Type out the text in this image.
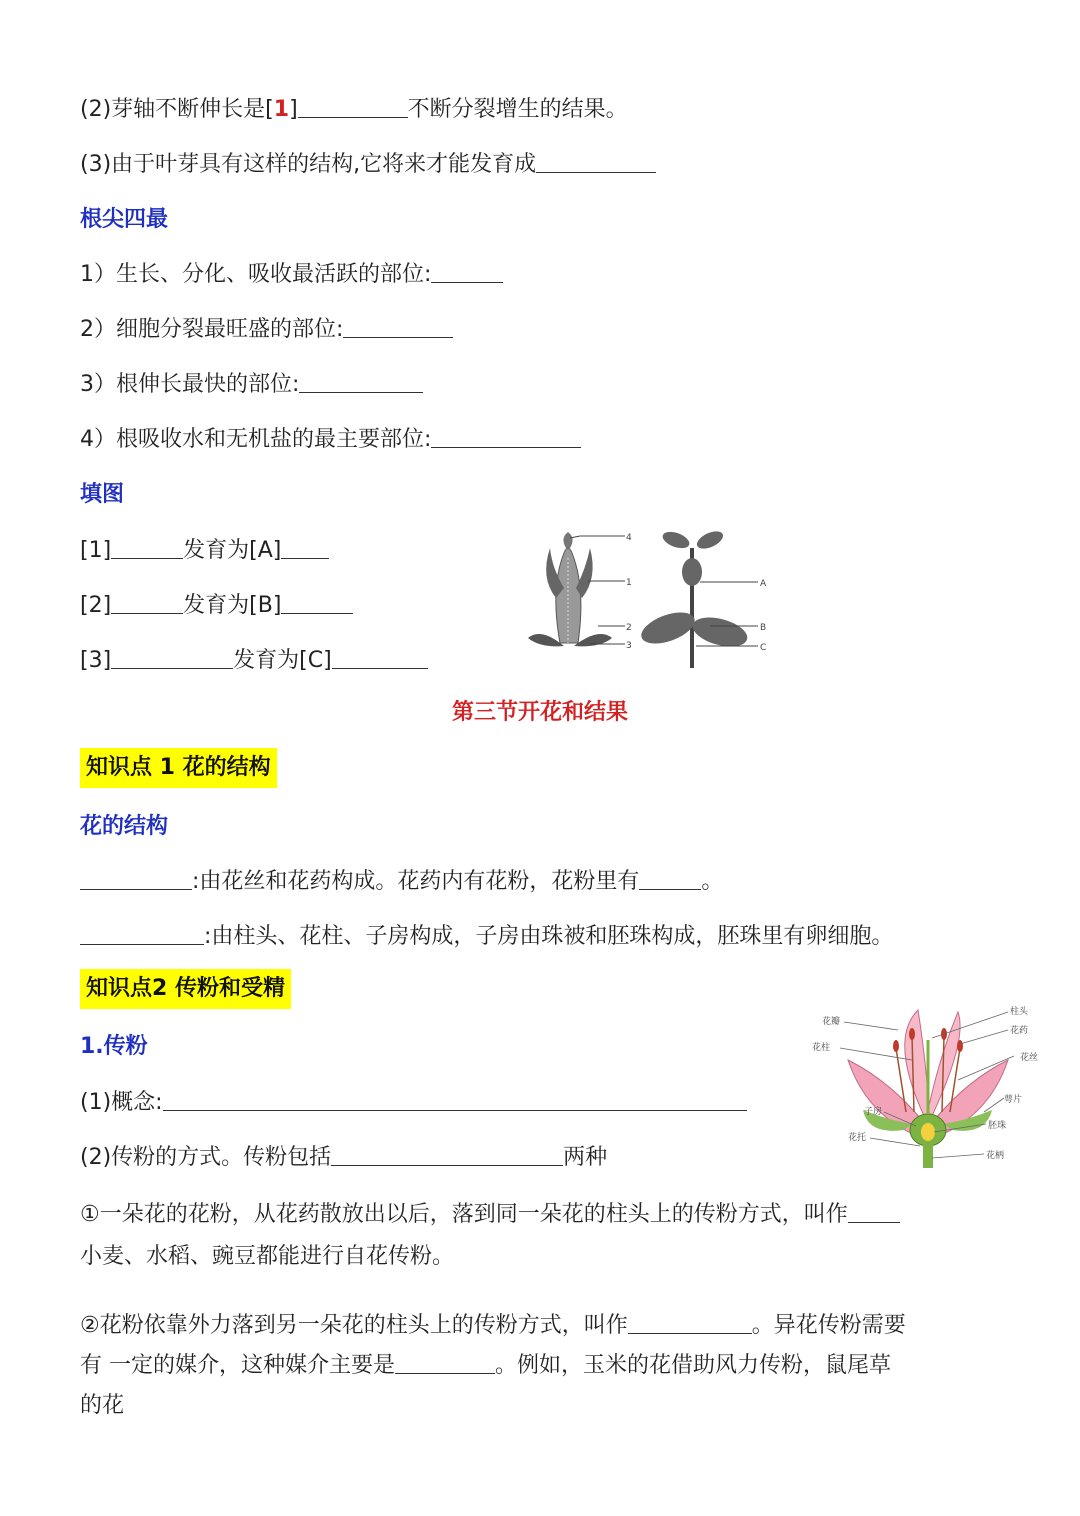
(2)芽轴不断伸长是[1]	不断分裂增生的结果。
(3)由于叶芽具有这样的结构,它将来才能发育成
根尖四最
1）生长、分化、吸收最活跃的部位:
2）细胞分裂最旺盛的部位:
3）根伸长最快的部位:
4）根吸收水和无机盐的最主要部位:
填图
[1]	发育为[A]
[2]	发育为[B]
[3]	发育为[C]
4
1
2
3
A
B
C
第三节开花和结果
知识点 1 花的结构
花的结构
:由花丝和花药构成。花药内有花粉，花粉里有	。
:由柱头、花柱、子房构成，子房由珠被和胚珠构成，胚珠里有卵细胞。
知识点2 传粉和受精
1.传粉
(1)概念:
(2)传粉的方式。传粉包括	两种
花瓣
花柱
子房
花托
柱头
花药
花丝
萼片
胚珠
花柄
①一朵花的花粉，从花药散放出以后，落到同一朵花的柱头上的传粉方式，叫作
小麦、水稻、豌豆都能进行自花传粉。
②花粉依靠外力落到另一朵花的柱头上的传粉方式，叫作	。异花传粉需要
有 一定的媒介，这种媒介主要是	。例如，玉米的花借助风力传粉，鼠尾草
的花
